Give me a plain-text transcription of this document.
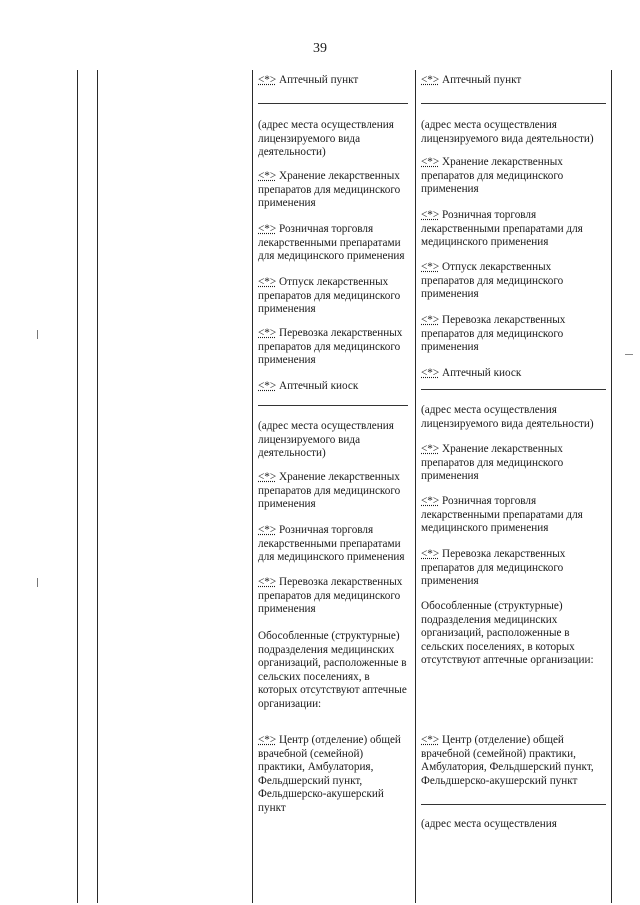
39
<*> Аптечный пункт
(адрес места осуществления
лицензируемого вида
деятельности)
<*> Хранение лекарственных
препаратов для медицинского
применения
<*> Розничная торговля
лекарственными препаратами
для медицинского применения
<*> Отпуск лекарственных
препаратов для медицинского
применения
<*> Перевозка лекарственных
препаратов для медицинского
применения
<*> Аптечный киоск
(адрес места осуществления
лицензируемого вида
деятельности)
<*> Хранение лекарственных
препаратов для медицинского
применения
<*> Розничная торговля
лекарственными препаратами
для медицинского применения
<*> Перевозка лекарственных
препаратов для медицинского
применения
Обособленные (структурные)
подразделения медицинских
организаций, расположенные в
сельских поселениях, в
которых отсутствуют аптечные
организации:
<*> Центр (отделение) общей
врачебной (семейной)
практики, Амбулатория,
Фельдшерский пункт,
Фельдшерско-акушерский
пункт
<*> Аптечный пункт
(адрес места осуществления
лицензируемого вида деятельности)
<*> Хранение лекарственных
препаратов для медицинского
применения
<*> Розничная торговля
лекарственными препаратами для
медицинского применения
<*> Отпуск лекарственных
препаратов для медицинского
применения
<*> Перевозка лекарственных
препаратов для медицинского
применения
<*> Аптечный киоск
(адрес места осуществления
лицензируемого вида деятельности)
<*> Хранение лекарственных
препаратов для медицинского
применения
<*> Розничная торговля
лекарственными препаратами для
медицинского применения
<*> Перевозка лекарственных
препаратов для медицинского
применения
Обособленные (структурные)
подразделения медицинских
организаций, расположенные в
сельских поселениях, в которых
отсутствуют аптечные организации:
<*> Центр (отделение) общей
врачебной (семейной) практики,
Амбулатория, Фельдшерский пункт,
Фельдшерско-акушерский пункт
(адрес места осуществления
